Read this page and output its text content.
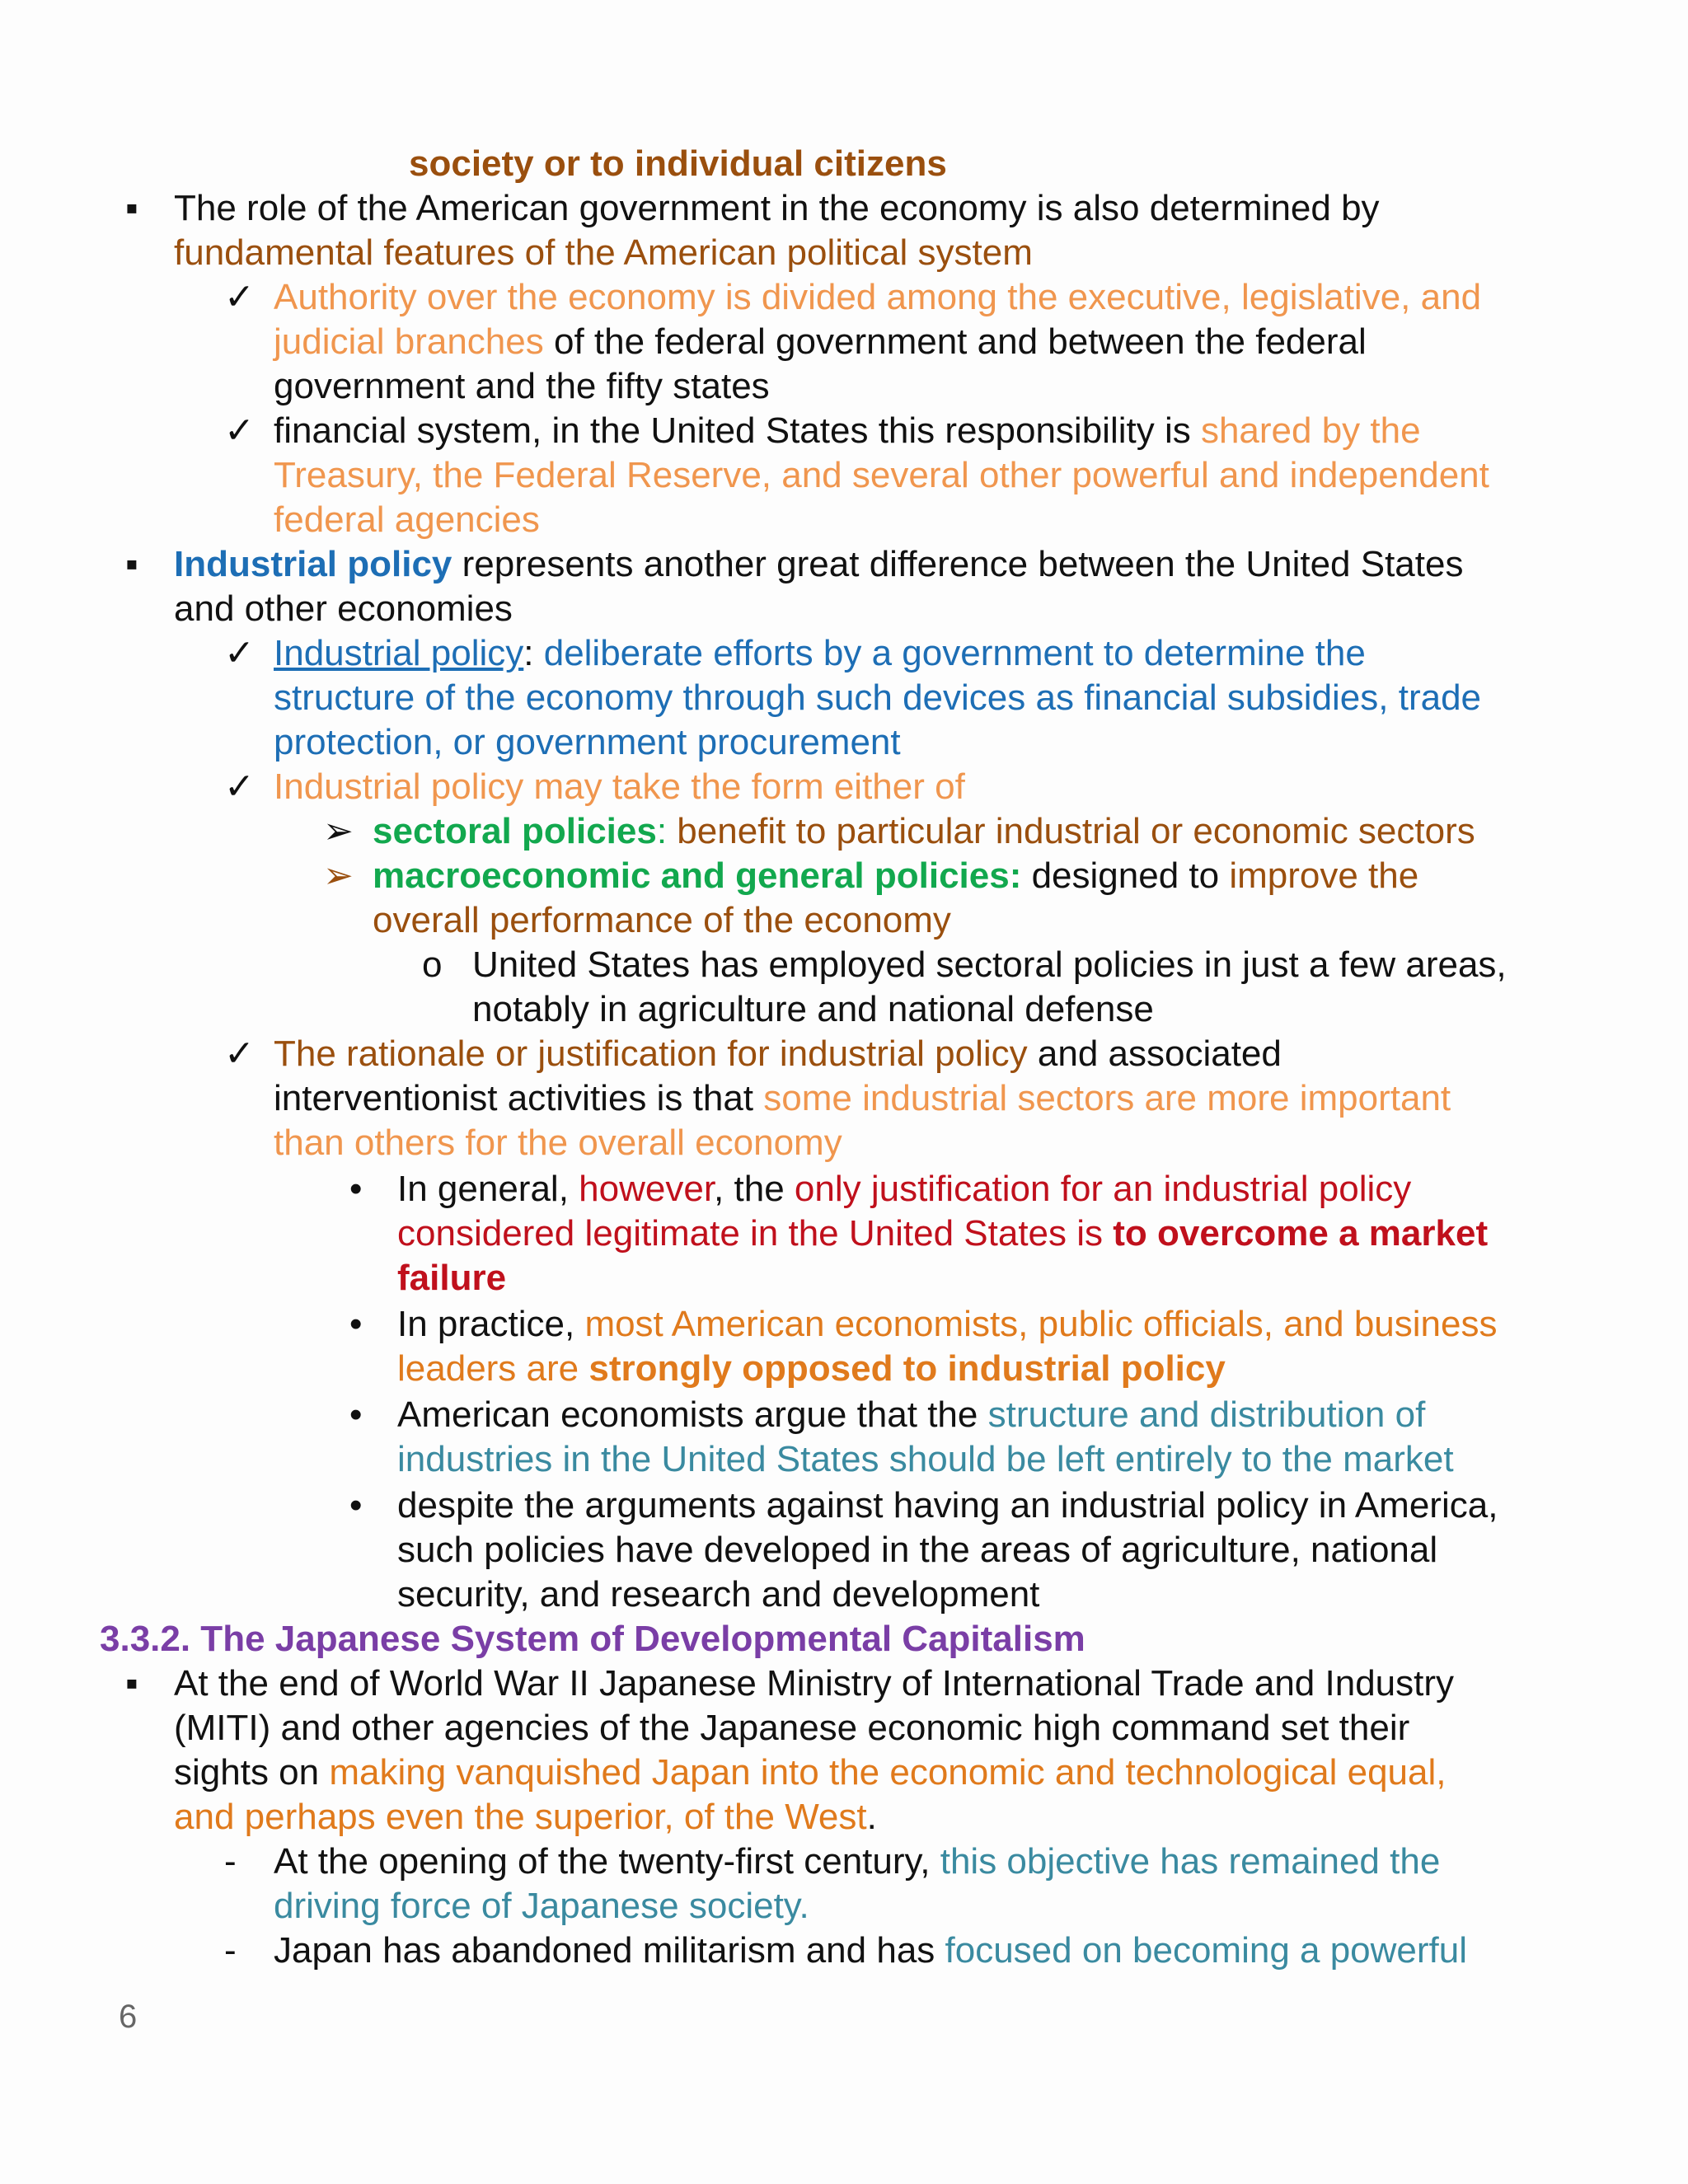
society or to individual citizens
▪ The role of the American government in the economy is also determined by
fundamental features of the American political system
✓ Authority over the economy is divided among the executive, legislative, and
judicial branches of the federal government and between the federal
government and the fifty states
✓ financial system, in the United States this responsibility is shared by the
Treasury, the Federal Reserve, and several other powerful and independent
federal agencies
▪ Industrial policy represents another great difference between the United States
and other economies
✓ Industrial policy: deliberate efforts by a government to determine the
structure of the economy through such devices as financial subsidies, trade
protection, or government procurement
✓ Industrial policy may take the form either of
➢ sectoral policies: benefit to particular industrial or economic sectors
➢ macroeconomic and general policies: designed to improve the
overall performance of the economy
o United States has employed sectoral policies in just a few areas,
notably in agriculture and national defense
✓ The rationale or justification for industrial policy and associated
interventionist activities is that some industrial sectors are more important
than others for the overall economy
• In general, however, the only justification for an industrial policy
considered legitimate in the United States is to overcome a market
failure
• In practice, most American economists, public officials, and business
leaders are strongly opposed to industrial policy
• American economists argue that the structure and distribution of
industries in the United States should be left entirely to the market
• despite the arguments against having an industrial policy in America,
such policies have developed in the areas of agriculture, national
security, and research and development
3.3.2. The Japanese System of Developmental Capitalism
▪ At the end of World War II Japanese Ministry of International Trade and Industry
(MITI) and other agencies of the Japanese economic high command set their
sights on making vanquished Japan into the economic and technological equal,
and perhaps even the superior, of the West.
- At the opening of the twenty-first century, this objective has remained the
driving force of Japanese society.
- Japan has abandoned militarism and has focused on becoming a powerful
6
